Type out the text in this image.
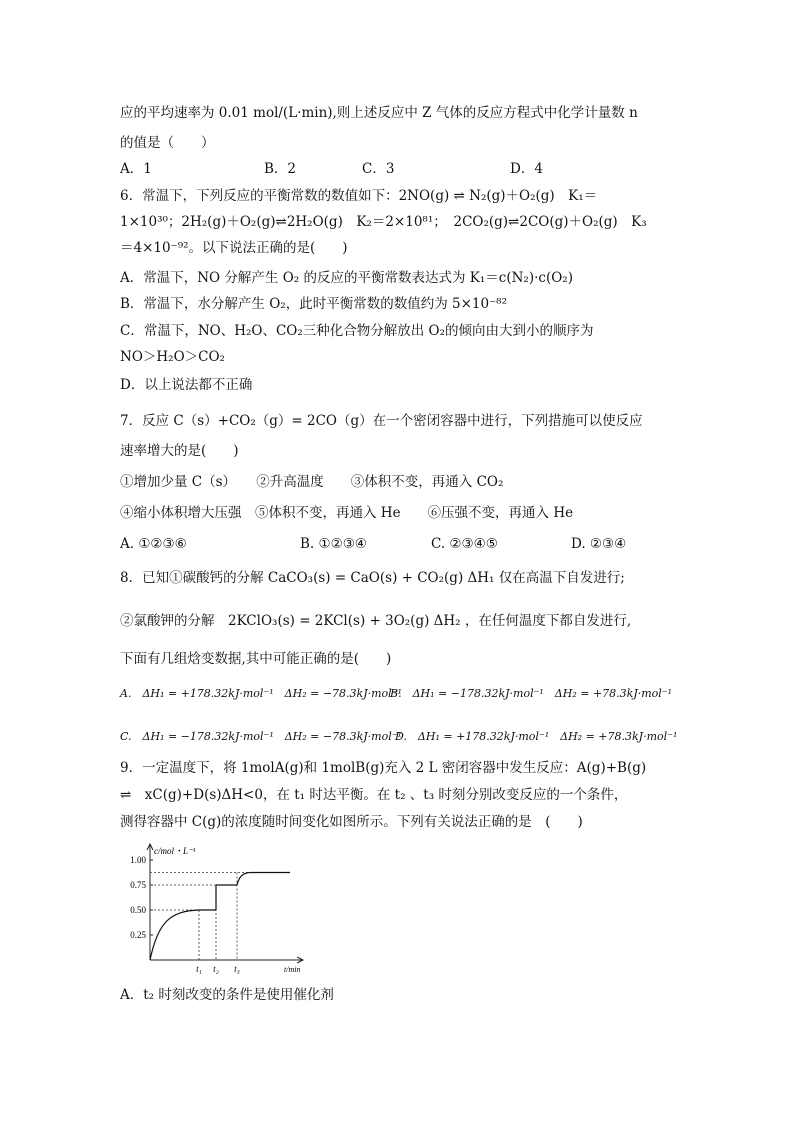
应的平均速率为 0.01 mol/(L·min),则上述反应中 Z 气体的反应方程式中化学计量数 n
的值是（　　）
A．1	B．2	C．3	D．4
6．常温下，下列反应的平衡常数的数值如下：2NO(g) ⇌ N₂(g)＋O₂(g)　K₁＝
1×10³⁰；2H₂(g)＋O₂(g)⇌2H₂O(g)　K₂＝2×10⁸¹；　2CO₂(g)⇌2CO(g)＋O₂(g)　K₃
＝4×10⁻⁹²。以下说法正确的是(　　)
A．常温下，NO 分解产生 O₂ 的反应的平衡常数表达式为 K₁＝c(N₂)·c(O₂)
B．常温下，水分解产生 O₂，此时平衡常数的数值约为 5×10⁻⁸²
C．常温下，NO、H₂O、CO₂三种化合物分解放出 O₂的倾向由大到小的顺序为
NO＞H₂O＞CO₂
D．以上说法都不正确
7．反应 C（s）+CO₂（g）= 2CO（g）在一个密闭容器中进行，下列措施可以使反应
速率增大的是(　　)
①增加少量 C（s）　　②升高温度　　③体积不变，再通入 CO₂
④缩小体积增大压强　⑤体积不变，再通入 He　　⑥压强不变，再通入 He
A. ①②③⑥	B. ①②③④	C. ②③④⑤	D. ②③④
8．已知①碳酸钙的分解 CaCO₃(s) = CaO(s) + CO₂(g) ΔH₁ 仅在高温下自发进行;
②氯酸钾的分解　2KClO₃(s) = 2KCl(s) + 3O₂(g) ΔH₂ ，在任何温度下都自发进行,
下面有几组焓变数据,其中可能正确的是(　　)
A.　ΔH₁ = +178.32kJ·mol⁻¹　ΔH₂ = −78.3kJ·mol⁻¹
B.　ΔH₁ = −178.32kJ·mol⁻¹　ΔH₂ = +78.3kJ·mol⁻¹
C.　ΔH₁ = −178.32kJ·mol⁻¹　ΔH₂ = −78.3kJ·mol⁻¹
D.　ΔH₁ = +178.32kJ·mol⁻¹　ΔH₂ = +78.3kJ·mol⁻¹
9．一定温度下，将 1molA(g)和 1molB(g)充入 2 L 密闭容器中发生反应：A(g)+B(g)
⇌　xC(g)+D(s)ΔH<0，在 t₁ 时达平衡。在 t₂ 、t₃ 时刻分别改变反应的一个条件，
测得容器中 C(g)的浓度随时间变化如图所示。下列有关说法正确的是　(　　)
c/mol・L⁻¹
t/min
1.00
0.75
0.50
0.25
t₁ t₂ t₃
A．t₂ 时刻改变的条件是使用催化剂
